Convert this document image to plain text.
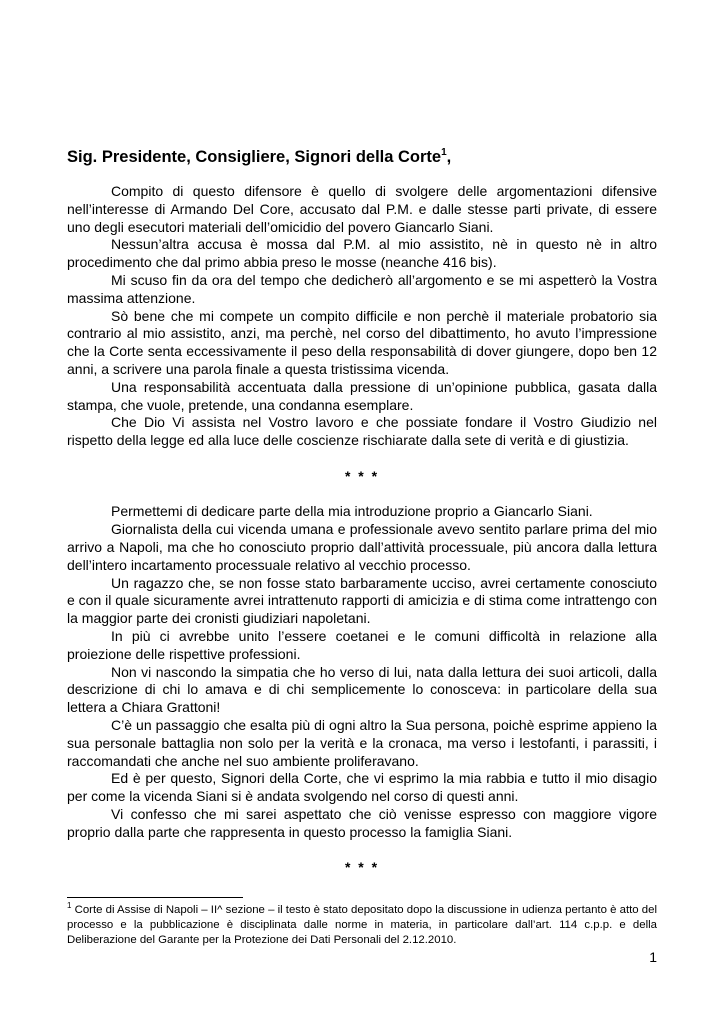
Sig. Presidente, Consigliere, Signori della Corte$^1$,

Compito di questo difensore è quello di svolgere delle argomentazioni difensive nell’interesse di Armando Del Core, accusato dal P.M. e dalle stesse parti private, di essere uno degli esecutori materiali dell’omicidio del povero Giancarlo Siani.

Nessun’altra accusa è mossa dal P.M. al mio assistito, nè in questo nè in altro procedimento che dal primo abbia preso le mosse (neanche 416 bis).

Mi scuso fin da ora del tempo che dedicherò all’argomento e se mi aspetterò la Vostra massima attenzione.

Sò bene che mi compete un compito difficile e non perchè il materiale probatorio sia contrario al mio assistito, anzi, ma perchè, nel corso del dibattimento, ho avuto l’impressione che la Corte senta eccessivamente il peso della responsabilità di dover giungere, dopo ben 12 anni, a scrivere una parola finale a questa tristissima vicenda.

Una responsabilità accentuata dalla pressione di un’opinione pubblica, gasata dalla stampa, che vuole, pretende, una condanna esemplare.

Che Dio Vi assista nel Vostro lavoro e che possiate fondare il Vostro Giudizio nel rispetto della legge ed alla luce delle coscienze rischiarate dalla sete di verità e di giustizia.

* * *

Permettemi di dedicare parte della mia introduzione proprio a Giancarlo Siani.

Giornalista della cui vicenda umana e professionale avevo sentito parlare prima del mio arrivo a Napoli, ma che ho conosciuto proprio dall’attività processuale, più ancora dalla lettura dell’intero incartamento processuale relativo al vecchio processo.

Un ragazzo che, se non fosse stato barbaramente ucciso, avrei certamente conosciuto e con il quale sicuramente avrei intrattenuto rapporti di amicizia e di stima come intrattengo con la maggior parte dei cronisti giudiziari napoletani.

In più ci avrebbe unito l’essere coetanei e le comuni difficoltà in relazione alla proiezione delle rispettive professioni.

Non vi nascondo la simpatia che ho verso di lui, nata dalla lettura dei suoi articoli, dalla descrizione di chi lo amava e di chi semplicemente lo conosceva: in particolare della sua lettera a Chiara Grattoni!

C’è un passaggio che esalta più di ogni altro la Sua persona, poichè esprime appieno la sua personale battaglia non solo per la verità e la cronaca, ma verso i lestofanti, i parassiti, i raccomandati che anche nel suo ambiente proliferavano.

Ed è per questo, Signori della Corte, che vi esprimo la mia rabbia e tutto il mio disagio per come la vicenda Siani si è andata svolgendo nel corso di questi anni.

Vi confesso che mi sarei aspettato che ciò venisse espresso con maggiore vigore proprio dalla parte che rappresenta in questo processo la famiglia Siani.

* * *

$^1$ Corte di Assise di Napoli – II^ sezione – il testo è stato depositato dopo la discussione in udienza pertanto è atto del processo e la pubblicazione è disciplinata dalle norme in materia, in particolare dall’art. 114 c.p.p. e della Deliberazione del Garante per la Protezione dei Dati Personali del 2.12.2010.

1
